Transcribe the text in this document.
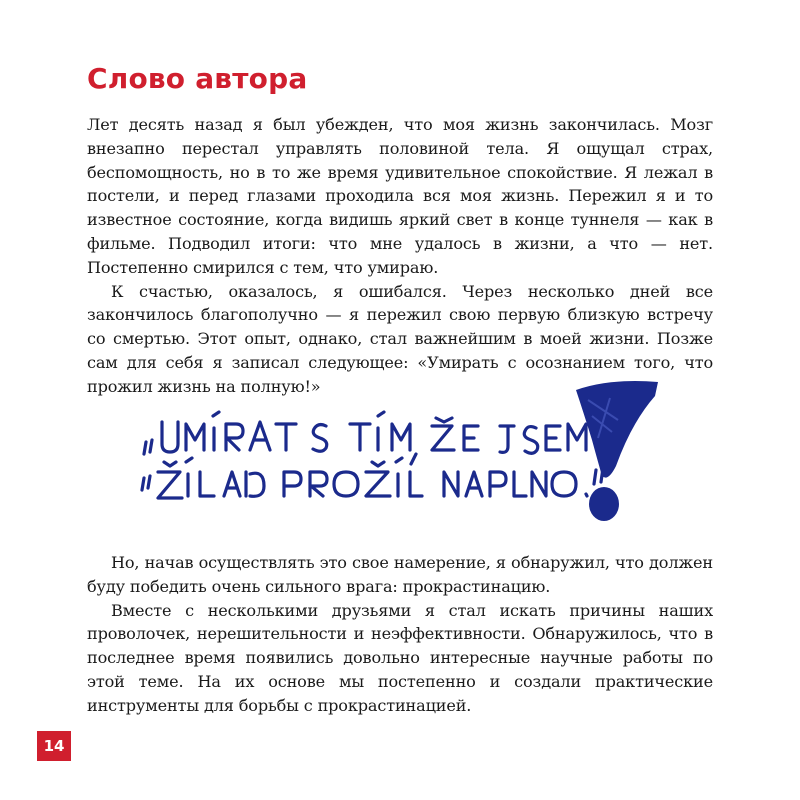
Слово автора

Лет десять назад я был убежден, что моя жизнь закончилась. Мозг внезапно перестал управлять половиной тела. Я ощущал страх, беспомощность, но в то же время удивительное спокойствие. Я лежал в постели, и перед глазами проходила вся моя жизнь. Пережил я и то известное состояние, когда видишь яркий свет в конце туннеля — как в фильме. Подводил итоги: что мне удалось в жизни, а что — нет. Постепенно смирился с тем, что умираю.

К счастью, оказалось, я ошибался. Через несколько дней все закончилось благополучно — я пережил свою первую близкую встречу со смертью. Этот опыт, однако, стал важнейшим в моей жизни. Позже сам для себя я записал следующее: «Умирать с осознанием того, что прожил жизнь на полную!»

Но, начав осуществлять это свое намерение, я обнаружил, что должен буду победить очень сильного врага: прокрастинацию.

Вместе с несколькими друзьями я стал искать причины наших проволочек, нерешительности и неэффективности. Обнаружилось, что в последнее время появились довольно интересные научные работы по этой теме. На их основе мы постепенно и создали практические инструменты для борьбы с прокрастинацией.

14
